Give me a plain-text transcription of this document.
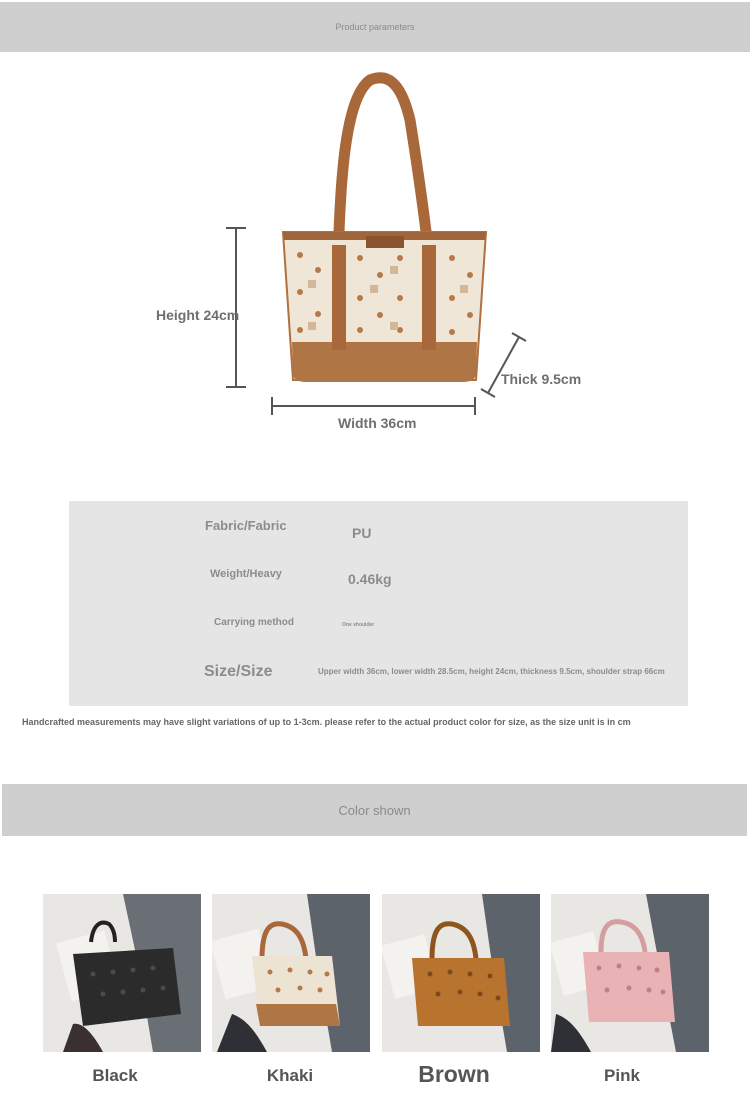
Product parameters
Height 24cm
Width 36cm
Thick 9.5cm
Fabric/Fabric	PU
Weight/Heavy	0.46kg
Carrying method	One shoulder
Size/Size	Upper width 36cm, lower width 28.5cm, height 24cm, thickness 9.5cm, shoulder strap 66cm
Handcrafted measurements may have slight variations of up to 1-3cm. please refer to the actual product color for size, as the size unit is in cm
Color shown
Black	Khaki	Brown	Pink
